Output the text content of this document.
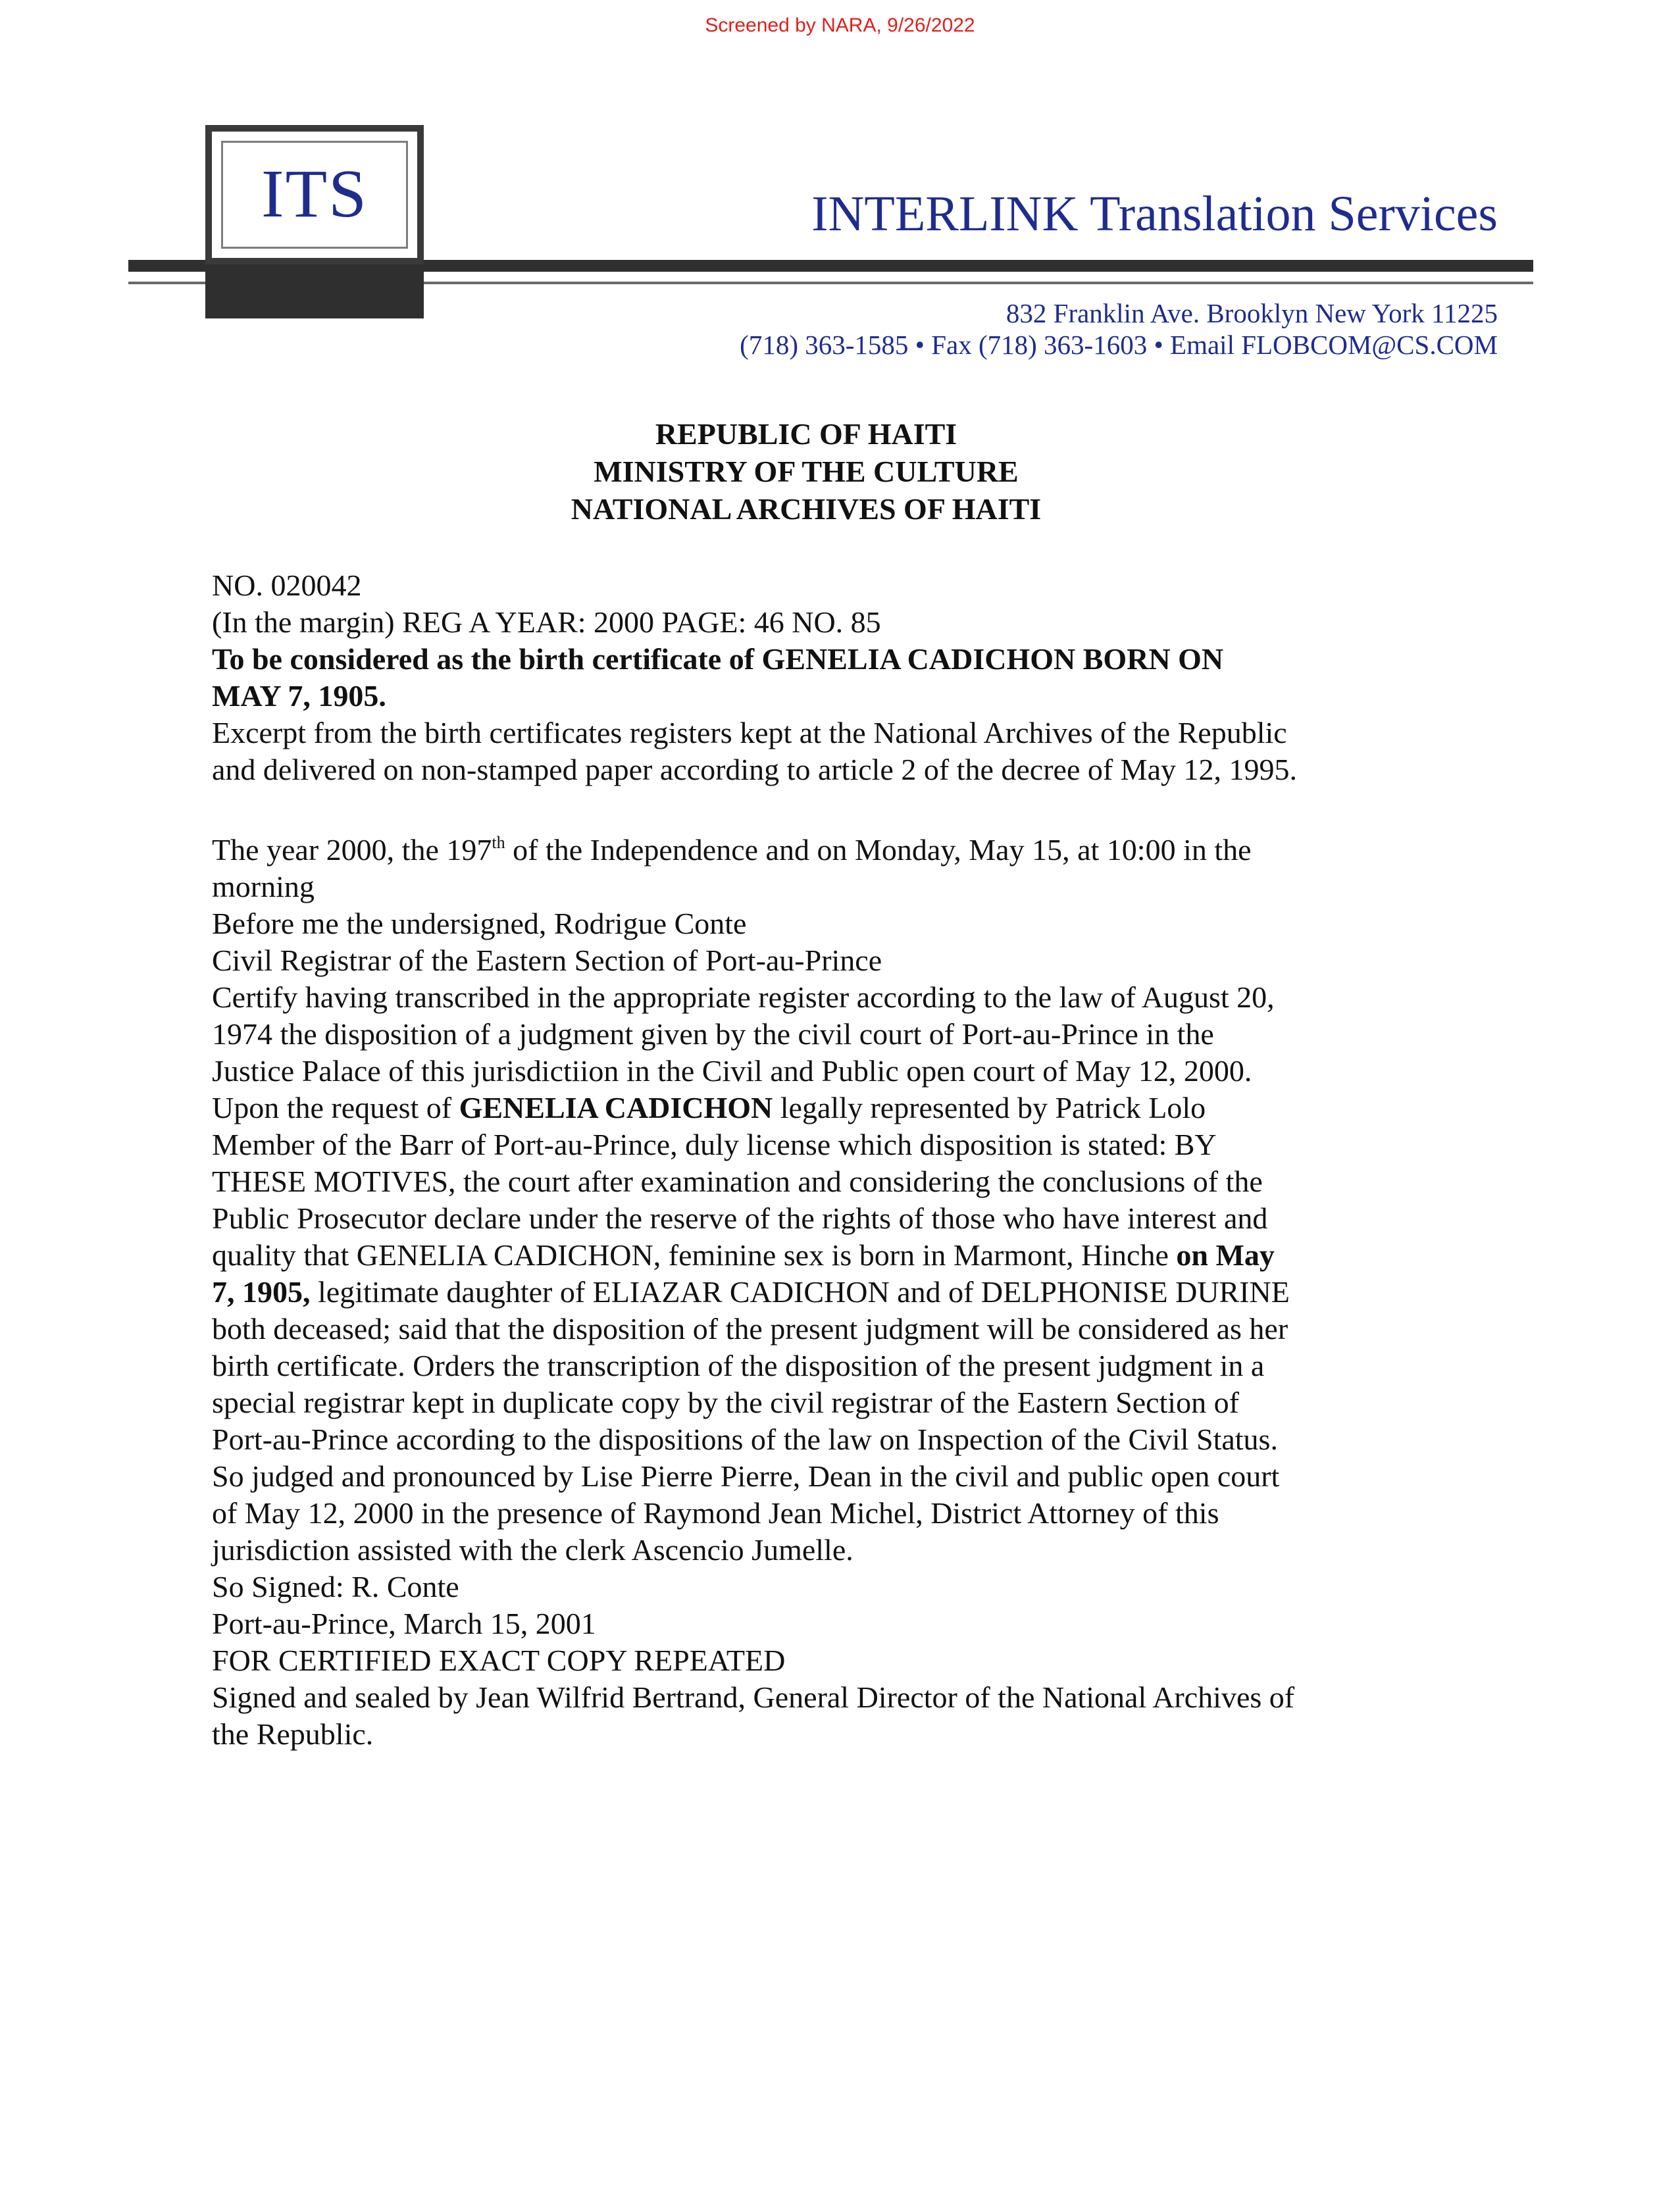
Screened by NARA, 9/26/2022
ITS	INTERLINK Translation Services
832 Franklin Ave. Brooklyn New York 11225
(718) 363-1585 • Fax (718) 363-1603 • Email FLOBCOM@CS.COM
REPUBLIC OF HAITI
MINISTRY OF THE CULTURE
NATIONAL ARCHIVES OF HAITI

NO. 020042

(In the margin) REG A YEAR: 2000 PAGE: 46 NO. 85

To be considered as the birth certificate of GENELIA CADICHON BORN ON

MAY 7, 1905.

Excerpt from the birth certificates registers kept at the National Archives of the Republic

and delivered on non-stamped paper according to article 2 of the decree of May 12, 1995.

The year 2000, the 197th of the Independence and on Monday, May 15, at 10:00 in the

morning

Before me the undersigned, Rodrigue Conte

Civil Registrar of the Eastern Section of Port-au-Prince

Certify having transcribed in the appropriate register according to the law of August 20,

1974 the disposition of a judgment given by the civil court of Port-au-Prince in the

Justice Palace of this jurisdictiion in the Civil and Public open court of May 12, 2000.

Upon the request of GENELIA CADICHON legally represented by Patrick Lolo

Member of the Barr of Port-au-Prince, duly license which disposition is stated: BY

THESE MOTIVES, the court after examination and considering the conclusions of the

Public Prosecutor declare under the reserve of the rights of those who have interest and

quality that GENELIA CADICHON, feminine sex is born in Marmont, Hinche on May

7, 1905, legitimate daughter of ELIAZAR CADICHON and of DELPHONISE DURINE

both deceased; said that the disposition of the present judgment will be considered as her

birth certificate. Orders the transcription of the disposition of the present judgment in a

special registrar kept in duplicate copy by the civil registrar of the Eastern Section of

Port-au-Prince according to the dispositions of the law on Inspection of the Civil Status.

So judged and pronounced by Lise Pierre Pierre, Dean in the civil and public open court

of May 12, 2000 in the presence of Raymond Jean Michel, District Attorney of this

jurisdiction assisted with the clerk Ascencio Jumelle.

So Signed: R. Conte

Port-au-Prince, March 15, 2001

FOR CERTIFIED EXACT COPY REPEATED

Signed and sealed by Jean Wilfrid Bertrand, General Director of the National Archives of

the Republic.
